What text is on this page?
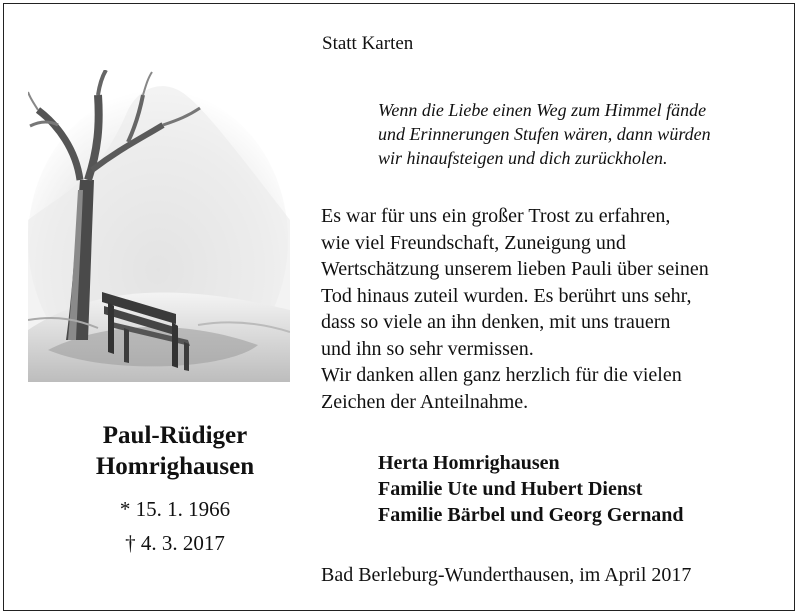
Paul-Rüdiger
Homrighausen
* 15. 1. 1966
† 4. 3. 2017
Statt Karten
Wenn die Liebe einen Weg zum Himmel fände
und Erinnerungen Stufen wären, dann würden
wir hinaufsteigen und dich zurückholen.
Es war für uns ein großer Trost zu erfahren,
wie viel Freundschaft, Zuneigung und
Wertschätzung unserem lieben Pauli über seinen
Tod hinaus zuteil wurden. Es berührt uns sehr,
dass so viele an ihn denken, mit uns trauern
und ihn so sehr vermissen.
Wir danken allen ganz herzlich für die vielen
Zeichen der Anteilnahme.
Herta Homrighausen
Familie Ute und Hubert Dienst
Familie Bärbel und Georg Gernand
Bad Berleburg-Wunderthausen, im April 2017
